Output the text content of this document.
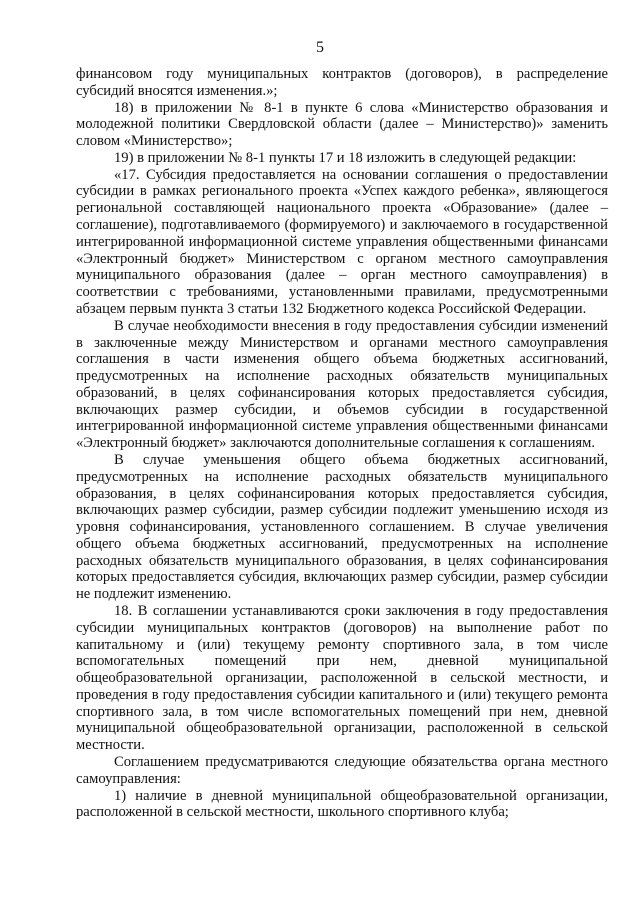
5

финансовом году муниципальных контрактов (договоров), в распределение субсидий вносятся изменения.»;

18) в приложении № 8-1 в пункте 6 слова «Министерство образования и молодежной политики Свердловской области (далее – Министерство)» заменить словом «Министерство»;

19) в приложении № 8-1 пункты 17 и 18 изложить в следующей редакции:

«17. Субсидия предоставляется на основании соглашения о предоставлении субсидии в рамках регионального проекта «Успех каждого ребенка», являющегося региональной составляющей национального проекта «Образование» (далее – соглашение), подготавливаемого (формируемого) и заключаемого в государственной интегрированной информационной системе управления общественными финансами «Электронный бюджет» Министерством с органом местного самоуправления муниципального образования (далее – орган местного самоуправления) в соответствии с требованиями, установленными правилами, предусмотренными абзацем первым пункта 3 статьи 132 Бюджетного кодекса Российской Федерации.

В случае необходимости внесения в году предоставления субсидии изменений в заключенные между Министерством и органами местного самоуправления соглашения в части изменения общего объема бюджетных ассигнований, предусмотренных на исполнение расходных обязательств муниципальных образований, в целях софинансирования которых предоставляется субсидия, включающих размер субсидии, и объемов субсидии в государственной интегрированной информационной системе управления общественными финансами «Электронный бюджет» заключаются дополнительные соглашения к соглашениям.

В случае уменьшения общего объема бюджетных ассигнований, предусмотренных на исполнение расходных обязательств муниципального образования, в целях софинансирования которых предоставляется субсидия, включающих размер субсидии, размер субсидии подлежит уменьшению исходя из уровня софинансирования, установленного соглашением. В случае увеличения общего объема бюджетных ассигнований, предусмотренных на исполнение расходных обязательств муниципального образования, в целях софинансирования которых предоставляется субсидия, включающих размер субсидии, размер субсидии не подлежит изменению.

18. В соглашении устанавливаются сроки заключения в году предоставления субсидии муниципальных контрактов (договоров) на выполнение работ по капитальному и (или) текущему ремонту спортивного зала, в том числе вспомогательных помещений при нем, дневной муниципальной общеобразовательной организации, расположенной в сельской местности, и проведения в году предоставления субсидии капитального и (или) текущего ремонта спортивного зала, в том числе вспомогательных помещений при нем, дневной муниципальной общеобразовательной организации, расположенной в сельской местности.

Соглашением предусматриваются следующие обязательства органа местного самоуправления:

1) наличие в дневной муниципальной общеобразовательной организации, расположенной в сельской местности, школьного спортивного клуба;
